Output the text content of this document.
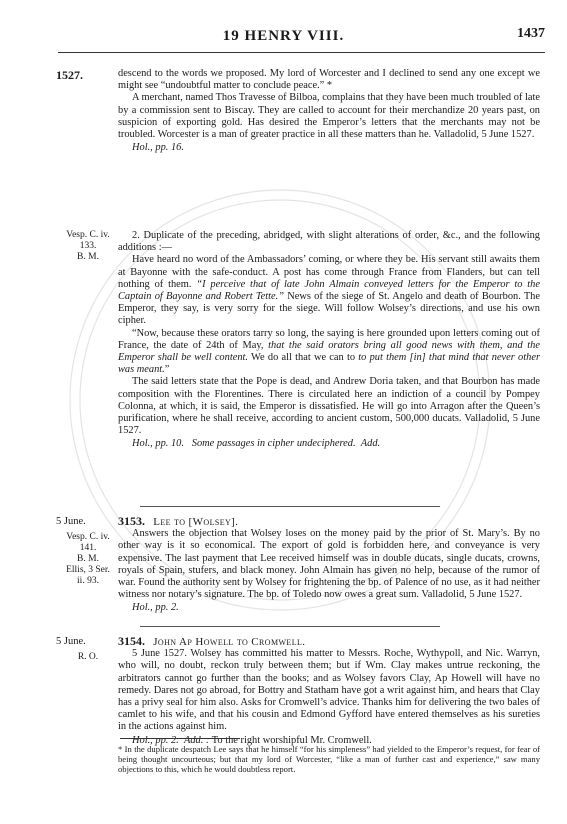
19 HENRY VIII.	1437
1527.	descend to the words we proposed. My lord of Worcester and I declined to send any one except we might see “undoubtful matter to conclude peace.” *

A merchant, named Thos Travesse of Bilboa, complains that they have been much troubled of late by a commission sent to Biscay. They are called to account for their merchandize 20 years past, on suspicion of exporting gold. Has desired the Emperor’s letters that the merchants may not be troubled. Worcester is a man of greater practice in all these matters than he. Valladolid, 5 June 1527.

Hol., pp. 16.

Vesp. C. iv.
133.
B. M.

2. Duplicate of the preceding, abridged, with slight alterations of order, &c., and the following additions :—

Have heard no word of the Ambassadors’ coming, or where they be. His servant still awaits them at Bayonne with the safe-conduct. A post has come through France from Flanders, but can tell nothing of them. “I perceive that of late John Almain conveyed letters for the Emperor to the Captain of Bayonne and Robert Tette.” News of the siege of St. Angelo and death of Bourbon. The Emperor, they say, is very sorry for the siege. Will follow Wolsey’s directions, and use his own cipher.

“Now, because these orators tarry so long, the saying is here grounded upon letters coming out of France, the date of 24th of May, that the said orators bring all good news with them, and the Emperor shall be well content. We do all that we can to to put them [in] that mind that never other was meant.”

The said letters state that the Pope is dead, and Andrew Doria taken, and that Bourbon has made composition with the Florentines. There is circulated here an indiction of a council by Pompey Colonna, at which, it is said, the Emperor is dissatisfied. He will go into Arragon after the Queen’s purification, where he shall receive, according to ancient custom, 500,000 ducats. Valladolid, 5 June 1527.

Hol., pp. 10. Some passages in cipher undeciphered. Add.

5 June.
Vesp. C. iv.
141.
B. M.
Ellis, 3 Ser.
ii. 93.

3153. Lee to [Wolsey].

Answers the objection that Wolsey loses on the money paid by the prior of St. Mary’s. By no other way is it so economical. The export of gold is forbidden here, and conveyance is very expensive. The last payment that Lee received himself was in double ducats, single ducats, crowns, royals of Spain, stufers, and black money. John Almain has given no help, because of the rumor of war. Found the authority sent by Wolsey for frightening the bp. of Palence of no use, as it had neither witness nor notary’s signature. The bp. of Toledo now owes a great sum. Valladolid, 5 June 1527.

Hol., pp. 2.

5 June.
R. O.

3154. John Ap Howell to Cromwell.

5 June 1527. Wolsey has committed his matter to Messrs. Roche, Wythypoll, and Nic. Warryn, who will, no doubt, reckon truly between them; but if Wm. Clay makes untrue reckoning, the arbitrators cannot go further than the books; and as Wolsey favors Clay, Ap Howell will have no remedy. Dares not go abroad, for Bottry and Statham have got a writ against him, and hears that Clay has a privy seal for him also. Asks for Cromwell’s advice. Thanks him for delivering the two bales of camlet to his wife, and that his cousin and Edmond Gyfford have entered themselves as his sureties in the actions against him.

Hol., pp. 2. Add. : To the right worshipful Mr. Cromwell.

* In the duplicate despatch Lee says that he himself “for his simpleness” had yielded to the Emperor’s request, for fear of being thought uncourteous; but that my lord of Worcester, “like a man of further cast and experience,” saw many objections to this, which he would doubtless report.
